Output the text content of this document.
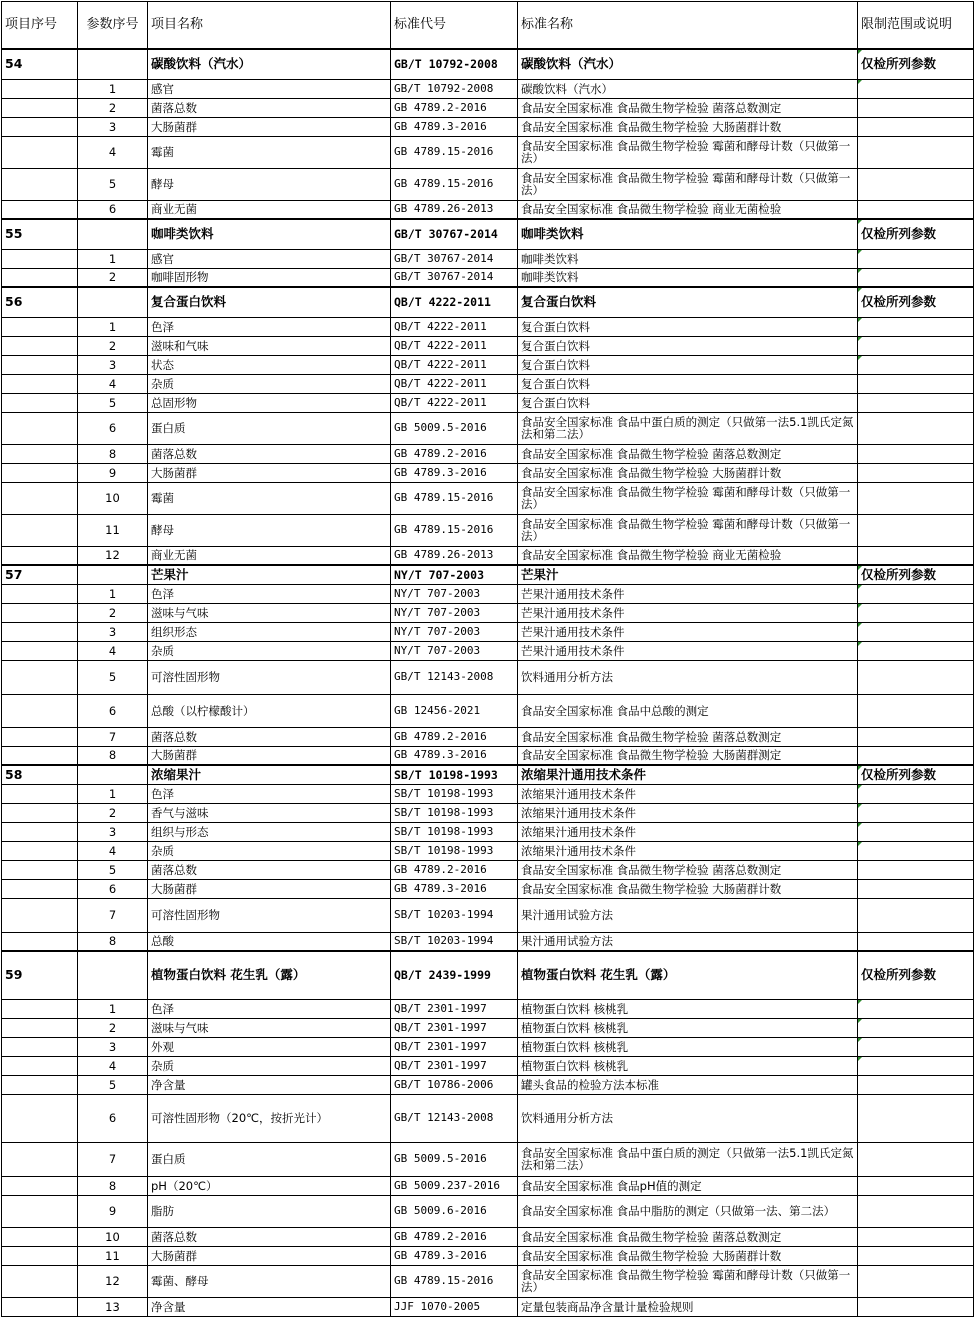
项目序号	参数序号	项目名称	标准代号	标准名称	限制范围或说明
54		碳酸饮料（汽水）	GB/T 10792-2008	碳酸饮料（汽水）	仅检所列参数
	1	感官	GB/T 10792-2008	碳酸饮料（汽水）	

	2	菌落总数	GB 4789.2-2016	食品安全国家标准 食品微生物学检验 菌落总数测定	
	3	大肠菌群	GB 4789.3-2016	食品安全国家标准 食品微生物学检验 大肠菌群计数	
	4	霉菌	GB 4789.15-2016	食品安全国家标准 食品微生物学检验 霉菌和酵母计数（只做第一法）	
	5	酵母	GB 4789.15-2016	食品安全国家标准 食品微生物学检验 霉菌和酵母计数（只做第一法）	
	6	商业无菌	GB 4789.26-2013	食品安全国家标准 食品微生物学检验 商业无菌检验	
55		咖啡类饮料	GB/T 30767-2014	咖啡类饮料	仅检所列参数
	1	感官	GB/T 30767-2014	咖啡类饮料	

	2	咖啡固形物	GB/T 30767-2014	咖啡类饮料	

56		复合蛋白饮料	QB/T 4222-2011	复合蛋白饮料	仅检所列参数
	1	色泽	QB/T 4222-2011	复合蛋白饮料	

	2	滋味和气味	QB/T 4222-2011	复合蛋白饮料	

	3	状态	QB/T 4222-2011	复合蛋白饮料	

	4	杂质	QB/T 4222-2011	复合蛋白饮料	
	5	总固形物	QB/T 4222-2011	复合蛋白饮料	
	6	蛋白质	GB 5009.5-2016	食品安全国家标准 食品中蛋白质的测定（只做第一法5.1凯氏定氮法和第二法）	
	8	菌落总数	GB 4789.2-2016	食品安全国家标准 食品微生物学检验 菌落总数测定	
	9	大肠菌群	GB 4789.3-2016	食品安全国家标准 食品微生物学检验 大肠菌群计数	
	10	霉菌	GB 4789.15-2016	食品安全国家标准 食品微生物学检验 霉菌和酵母计数（只做第一法）	
	11	酵母	GB 4789.15-2016	食品安全国家标准 食品微生物学检验 霉菌和酵母计数（只做第一法）	
	12	商业无菌	GB 4789.26-2013	食品安全国家标准 食品微生物学检验 商业无菌检验	
57		芒果汁	NY/T 707-2003	芒果汁	仅检所列参数
	1	色泽	NY/T 707-2003	芒果汁通用技术条件	

	2	滋味与气味	NY/T 707-2003	芒果汁通用技术条件	

	3	组织形态	NY/T 707-2003	芒果汁通用技术条件	

	4	杂质	NY/T 707-2003	芒果汁通用技术条件	

	5	可溶性固形物	GB/T 12143-2008	饮料通用分析方法	
	6	总酸（以柠檬酸计）	GB 12456-2021	食品安全国家标准 食品中总酸的测定	
	7	菌落总数	GB 4789.2-2016	食品安全国家标准 食品微生物学检验 菌落总数测定	
	8	大肠菌群	GB 4789.3-2016	食品安全国家标准 食品微生物学检验 大肠菌群测定	
58		浓缩果汁	SB/T 10198-1993	浓缩果汁通用技术条件	仅检所列参数
	1	色泽	SB/T 10198-1993	浓缩果汁通用技术条件	

	2	香气与滋味	SB/T 10198-1993	浓缩果汁通用技术条件	

	3	组织与形态	SB/T 10198-1993	浓缩果汁通用技术条件	

	4	杂质	SB/T 10198-1993	浓缩果汁通用技术条件	

	5	菌落总数	GB 4789.2-2016	食品安全国家标准 食品微生物学检验 菌落总数测定	
	6	大肠菌群	GB 4789.3-2016	食品安全国家标准 食品微生物学检验 大肠菌群计数	
	7	可溶性固形物	SB/T 10203-1994	果汁通用试验方法	
	8	总酸	SB/T 10203-1994	果汁通用试验方法	
59		植物蛋白饮料 花生乳（露）	QB/T 2439-1999	植物蛋白饮料 花生乳（露）	仅检所列参数
	1	色泽	QB/T 2301-1997	植物蛋白饮料 核桃乳	

	2	滋味与气味	QB/T 2301-1997	植物蛋白饮料 核桃乳	

	3	外观	QB/T 2301-1997	植物蛋白饮料 核桃乳	

	4	杂质	QB/T 2301-1997	植物蛋白饮料 核桃乳	

	5	净含量	GB/T 10786-2006	罐头食品的检验方法本标准	
	6	可溶性固形物（20℃，按折光计）	GB/T 12143-2008	饮料通用分析方法	
	7	蛋白质	GB 5009.5-2016	食品安全国家标准 食品中蛋白质的测定（只做第一法5.1凯氏定氮法和第二法）	
	8	pH（20℃）	GB 5009.237-2016	食品安全国家标准 食品pH值的测定	
	9	脂肪	GB 5009.6-2016	食品安全国家标准 食品中脂肪的测定（只做第一法、第二法）	
	10	菌落总数	GB 4789.2-2016	食品安全国家标准 食品微生物学检验 菌落总数测定	
	11	大肠菌群	GB 4789.3-2016	食品安全国家标准 食品微生物学检验 大肠菌群计数	
	12	霉菌、酵母	GB 4789.15-2016	食品安全国家标准 食品微生物学检验 霉菌和酵母计数（只做第一法）	
	13	净含量	JJF 1070-2005	定量包装商品净含量计量检验规则	
